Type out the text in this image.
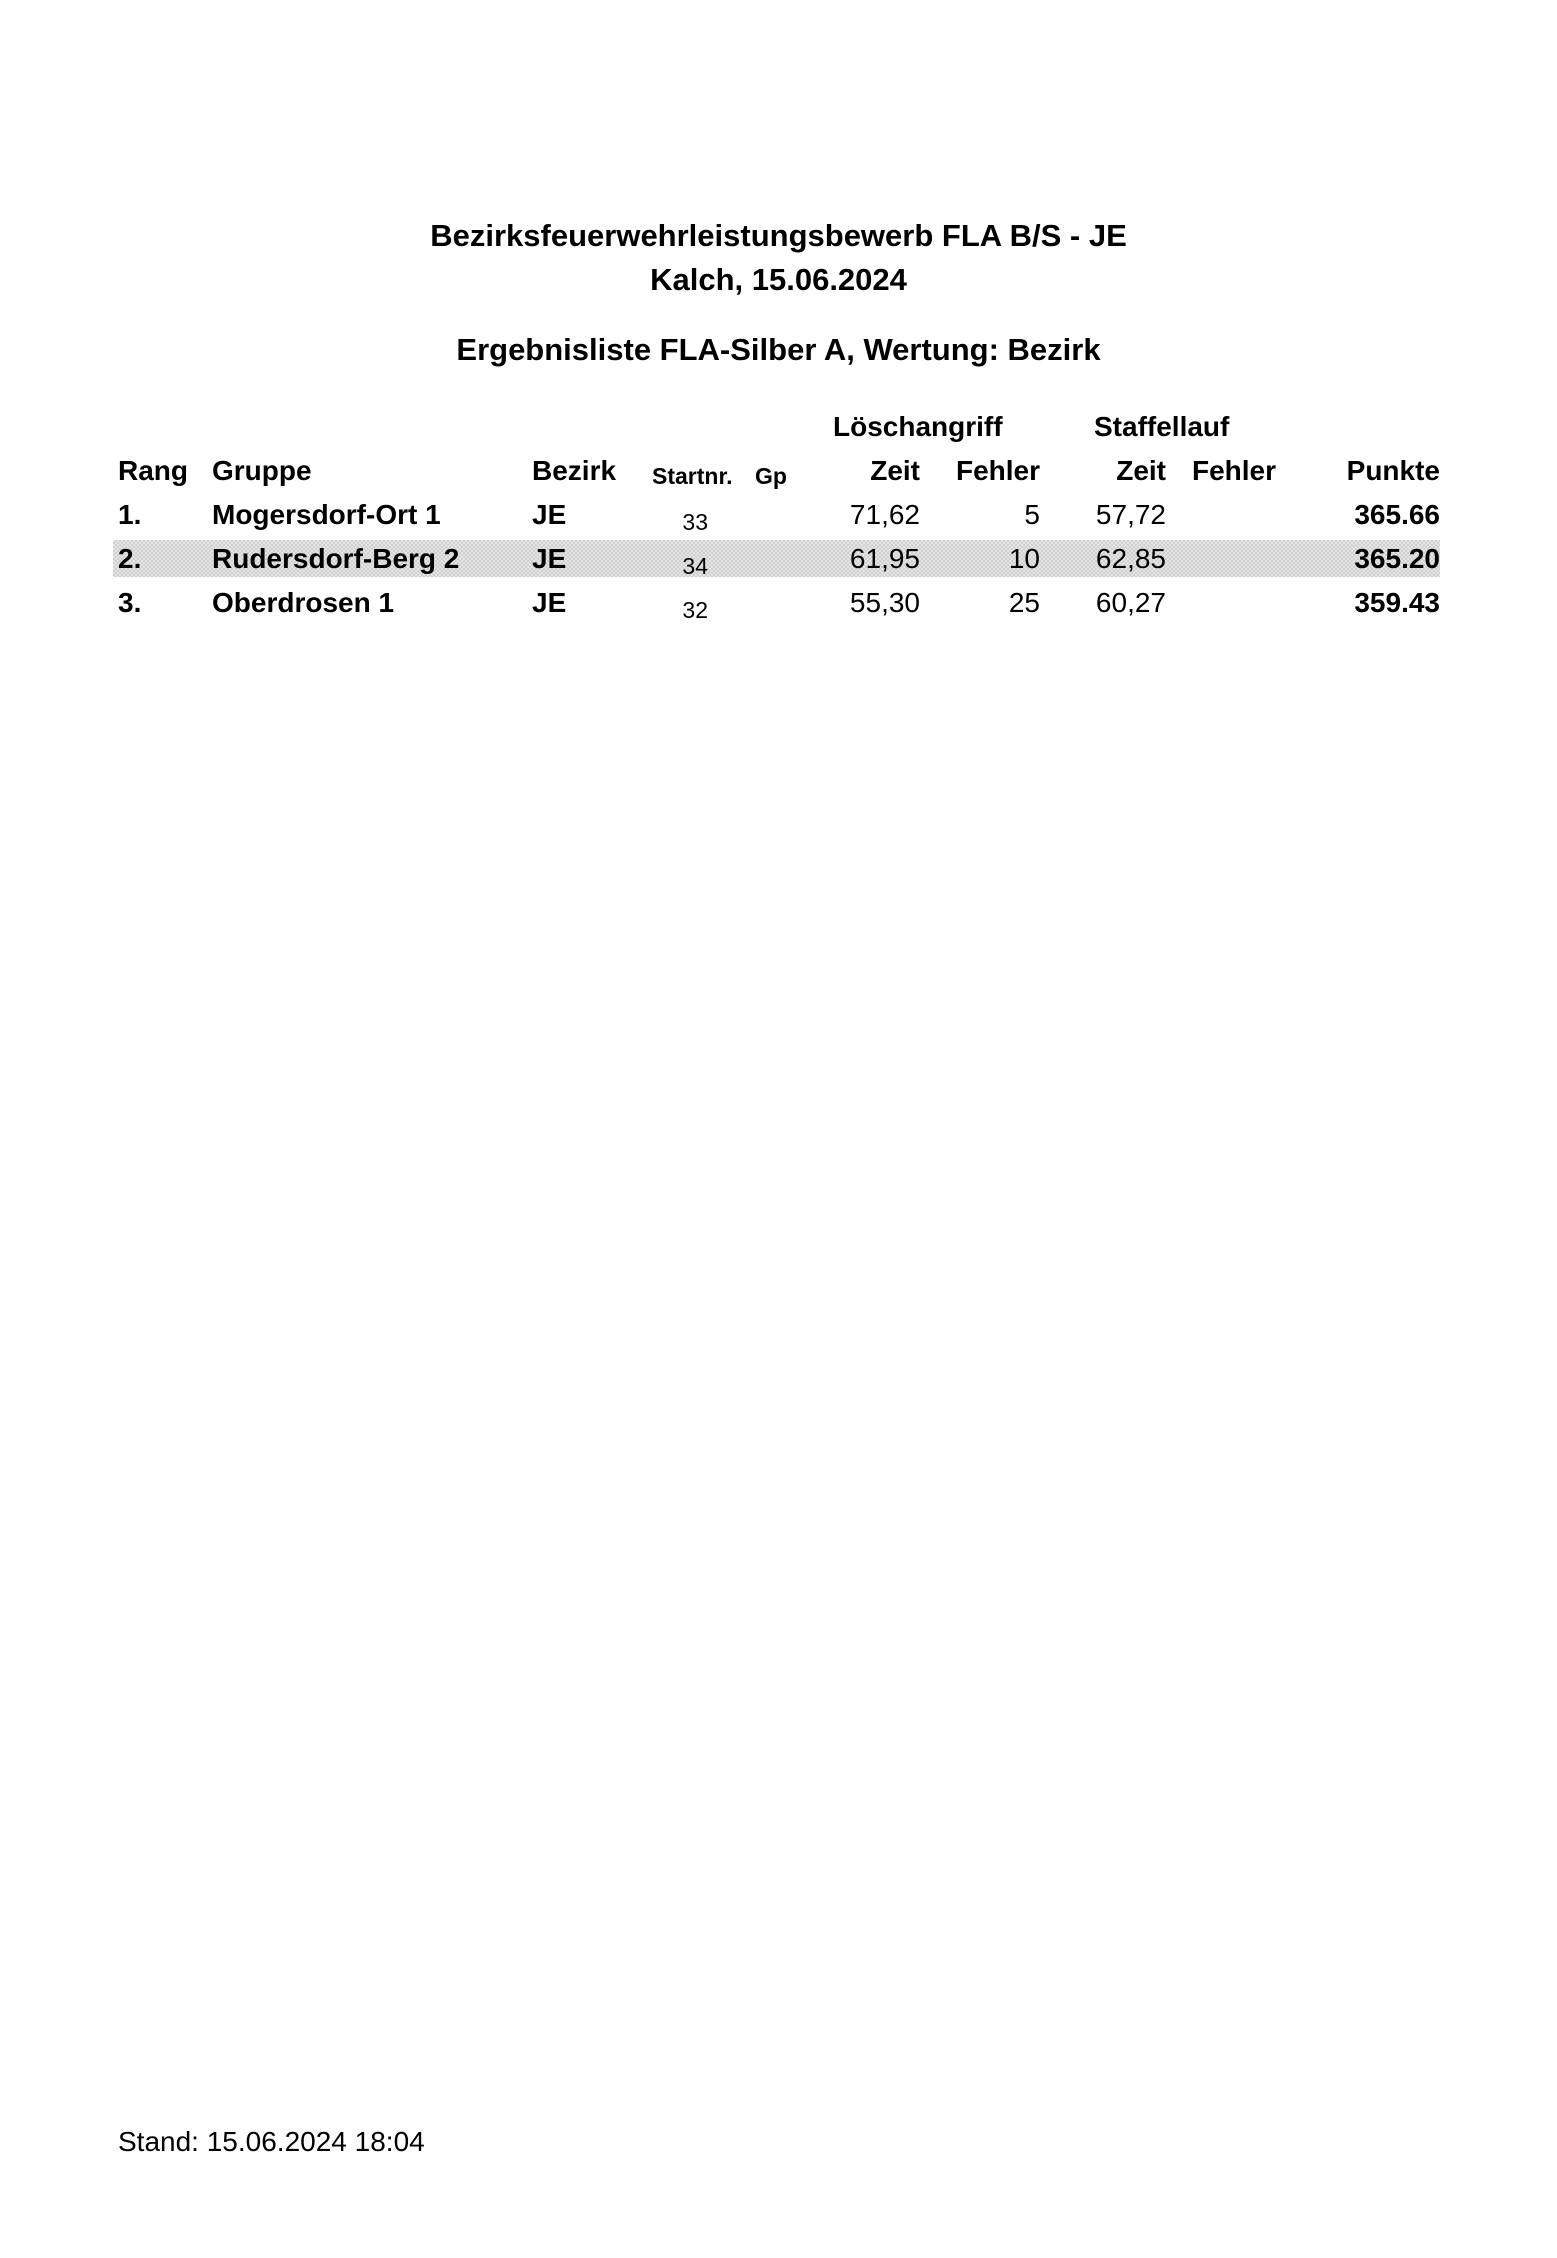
Bezirksfeuerwehrleistungsbewerb FLA B/S - JE
Kalch, 15.06.2024
Ergebnisliste FLA-Silber A, Wertung: Bezirk
Löschangriff	Staffellauf
Rang Gruppe	Bezirk Startnr. Gp	Zeit	Fehler	Zeit Fehler	Punkte
1.	Mogersdorf-Ort 1	JE	33	71,62	5	57,72	365.66
2.	Rudersdorf-Berg 2	JE	34	61,95	10	62,85	365.20
3.	Oberdrosen 1	JE	32	55,30	25	60,27	359.43
Stand: 15.06.2024 18:04
